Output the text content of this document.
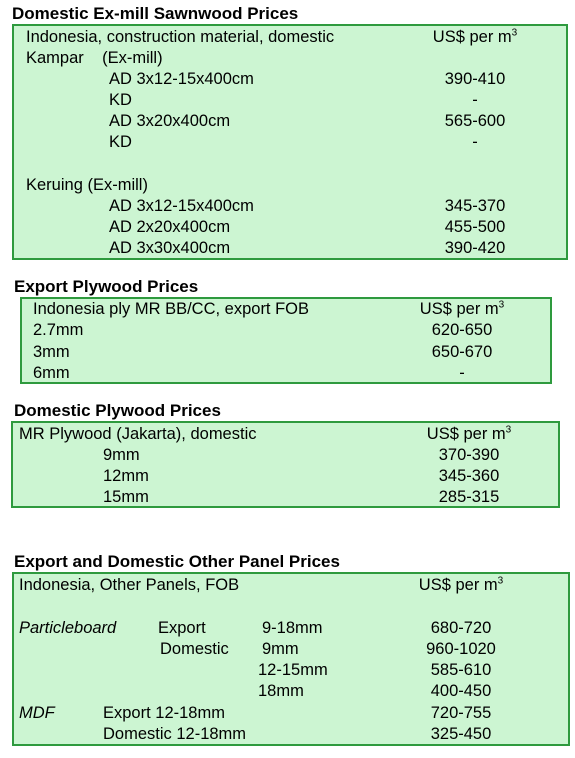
Domestic Ex-mill Sawnwood Prices
Indonesia, construction material, domestic	US$ per $m^3$
Kampar    (Ex-mill)
AD 3x12-15x400cm	390-410
KD	-
AD 3x20x400cm	565-600
KD	-
Keruing (Ex-mill)
AD 3x12-15x400cm	345-370
AD 2x20x400cm	455-500
AD 3x30x400cm	390-420
Export Plywood Prices
Indonesia ply MR BB/CC, export FOB	US$ per $m^3$
2.7mm	620-650
3mm	650-670
6mm	-
Domestic Plywood Prices
MR Plywood (Jakarta), domestic	US$ per $m^3$
9mm	370-390
12mm	345-360
15mm	285-315
Export and Domestic Other Panel Prices
Indonesia, Other Panels, FOB	US$ per $m^3$
Particleboard	Export	9-18mm	680-720
Domestic 9mm	960-1020
12-15mm	585-610
18mm	400-450
MDF	Export 12-18mm	720-755
Domestic 12-18mm	325-450
